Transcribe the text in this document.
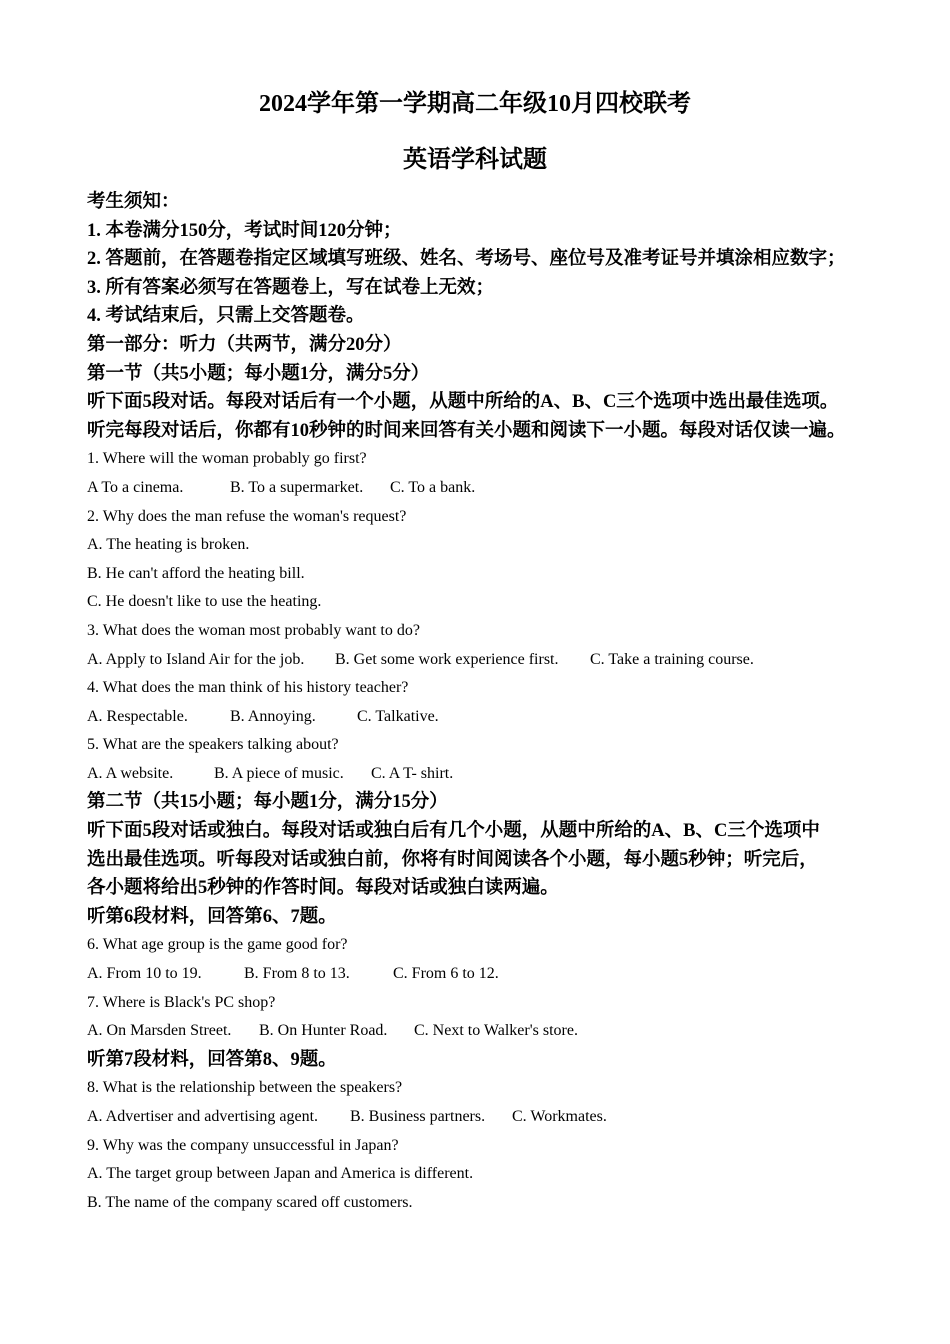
2024学年第一学期高二年级10月四校联考
英语学科试题
考生须知：
1. 本卷满分150分，考试时间120分钟；
2. 答题前，在答题卷指定区域填写班级、姓名、考场号、座位号及准考证号并填涂相应数字；
3. 所有答案必须写在答题卷上，写在试卷上无效；
4. 考试结束后，只需上交答题卷。
第一部分：听力（共两节，满分20分）
第一节（共5小题；每小题1分，满分5分）
听下面5段对话。每段对话后有一个小题，从题中所给的A、B、C三个选项中选出最佳选项。
听完每段对话后，你都有10秒钟的时间来回答有关小题和阅读下一小题。每段对话仅读一遍。
1. Where will the woman probably go first?
A To a cinema.	B. To a supermarket. C. To a bank.
2. Why does the man refuse the woman's request?
A. The heating is broken.
B. He can't afford the heating bill.
C. He doesn't like to use the heating.
3. What does the woman most probably want to do?
A. Apply to Island Air for the job. B. Get some work experience first. C. Take a training course.
4. What does the man think of his history teacher?
A. Respectable.	B. Annoying.	C. Talkative.
5. What are the speakers talking about?
A. A website.	B. A piece of music. C. A T- shirt.
第二节（共15小题；每小题1分，满分15分）
听下面5段对话或独白。每段对话或独白后有几个小题，从题中所给的A、B、C三个选项中
选出最佳选项。听每段对话或独白前，你将有时间阅读各个小题，每小题5秒钟；听完后，
各小题将给出5秒钟的作答时间。每段对话或独白读两遍。
听第6段材料，回答第6、7题。
6. What age group is the game good for?
A. From 10 to 19.	B. From 8 to 13.	C. From 6 to 12.
7. Where is Black's PC shop?
A. On Marsden Street. B. On Hunter Road. C. Next to Walker's store.
听第7段材料，回答第8、9题。
8. What is the relationship between the speakers?
A. Advertiser and advertising agent. B. Business partners. C. Workmates.
9. Why was the company unsuccessful in Japan?
A. The target group between Japan and America is different.
B. The name of the company scared off customers.
